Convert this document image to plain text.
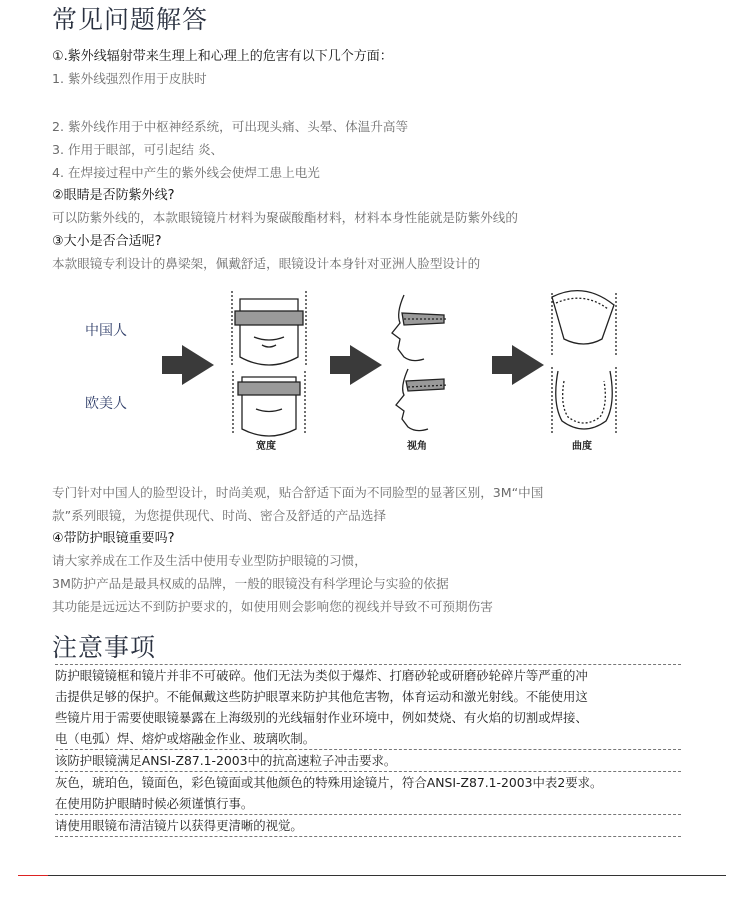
常见问题解答
①.紫外线辐射带来生理上和心理上的危害有以下几个方面：
1. 紫外线强烈作用于皮肤时
2. 紫外线作用于中枢神经系统，可出现头痛、头晕、体温升高等
3. 作用于眼部，可引起结 炎、
4. 在焊接过程中产生的紫外线会使焊工患上电光
②眼睛是否防紫外线?
可以防紫外线的，本款眼镜镜片材料为聚碳酸酯材料，材料本身性能就是防紫外线的
③大小是否合适呢?
本款眼镜专利设计的鼻梁架，佩戴舒适，眼镜设计本身针对亚洲人脸型设计的
中国人
欧美人
宽度	视角	曲度
专门针对中国人的脸型设计，时尚美观，贴合舒适下面为不同脸型的显著区别，3M“中国
款”系列眼镜，为您提供现代、时尚、密合及舒适的产品选择
④带防护眼镜重要吗?
请大家养成在工作及生活中使用专业型防护眼镜的习惯，
3M防护产品是最具权威的品牌，一般的眼镜没有科学理论与实验的依据
其功能是远远达不到防护要求的，如使用则会影响您的视线并导致不可预期伤害
注意事项
防护眼镜镜框和镜片并非不可破碎。他们无法为类似于爆炸、打磨砂轮或研磨砂轮碎片等严重的冲
击提供足够的保护。不能佩戴这些防护眼罩来防护其他危害物，体育运动和激光射线。不能使用这
些镜片用于需要使眼镜暴露在上海级别的光线辐射作业环境中，例如焚烧、有火焰的切割或焊接、
电（电弧）焊、熔炉或熔融金作业、玻璃吹制。
该防护眼镜满足ANSI-Z87.1-2003中的抗高速粒子冲击要求。
灰色，琥珀色，镜面色，彩色镜面或其他颜色的特殊用途镜片，符合ANSI-Z87.1-2003中表2要求。
在使用防护眼睛时候必须谨慎行事。
请使用眼镜布清洁镜片以获得更清晰的视觉。
